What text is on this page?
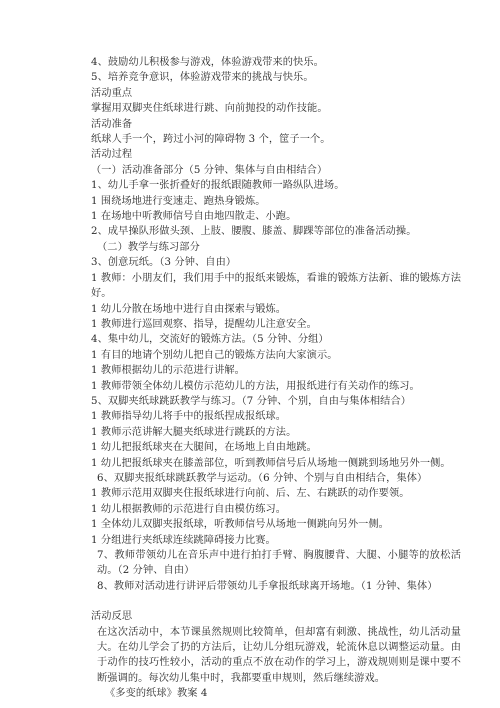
4、鼓励幼儿积极参与游戏，体验游戏带来的快乐。
5、培养竞争意识，体验游戏带来的挑战与快乐。
活动重点
掌握用双脚夹住纸球进行跳、向前抛投的动作技能。
活动准备
纸球人手一个，跨过小河的障碍物 3 个，筐子一个。
活动过程
（一）活动准备部分（5 分钟、集体与自由相结合）
1、幼儿手拿一张折叠好的报纸跟随教师一路纵队进场。
1 围绕场地进行变速走、跑热身锻炼。
1 在场地中听教师信号自由地四散走、小跑。
2、成早操队形做头颈、上肢、腰腹、膝盖、脚踝等部位的准备活动操。
（二）教学与练习部分
3、创意玩纸。（3 分钟、自由）
1 教师：小朋友们，我们用手中的报纸来锻炼，看谁的锻炼方法新、谁的锻炼方法好。
1 幼儿分散在场地中进行自由探索与锻炼。
1 教师进行巡回观察、指导，提醒幼儿注意安全。
4、集中幼儿，交流好的锻炼方法。（5 分钟、分组）
1 有目的地请个别幼儿把自己的锻炼方法向大家演示。
1 教师根据幼儿的示范进行讲解。
1 教师带领全体幼儿模仿示范幼儿的方法，用报纸进行有关动作的练习。
5、双脚夹纸球跳跃教学与练习。（7 分钟、个别，自由与集体相结合）
1 教师指导幼儿将手中的报纸捏成报纸球。
1 教师示范讲解大腿夹纸球进行跳跃的方法。
1 幼儿把报纸球夹在大腿间，在场地上自由地跳。
1 幼儿把报纸球夹在膝盖部位，听到教师信号后从场地一侧跳到场地另外一侧。
6、双脚夹报纸球跳跃教学与运动。（6 分钟、个别与自由相结合，集体）
1 教师示范用双脚夹住报纸球进行向前、后、左、右跳跃的动作要领。
1 幼儿根据教师的示范进行自由模仿练习。
1 全体幼儿双脚夹报纸球，听教师信号从场地一侧跳向另外一侧。
1 分组进行夹纸球连续跳障碍接力比赛。
7、教师带领幼儿在音乐声中进行拍打手臂、胸腹腰背、大腿、小腿等的放松活动。（2 分钟、自由）
8、教师对活动进行讲评后带领幼儿手拿报纸球离开场地。（1 分钟、集体）
活动反思
在这次活动中，本节课虽然规则比较简单，但却富有刺激、挑战性，幼儿活动量大。在幼儿学会了扔的方法后，让幼儿分组玩游戏，轮流休息以调整运动量。由于动作的技巧性较小，活动的重点不放在动作的学习上，游戏规则则是课中要不断强调的。每次幼儿集中时，我都要重申规则，然后继续游戏。
《多变的纸球》教案 4
